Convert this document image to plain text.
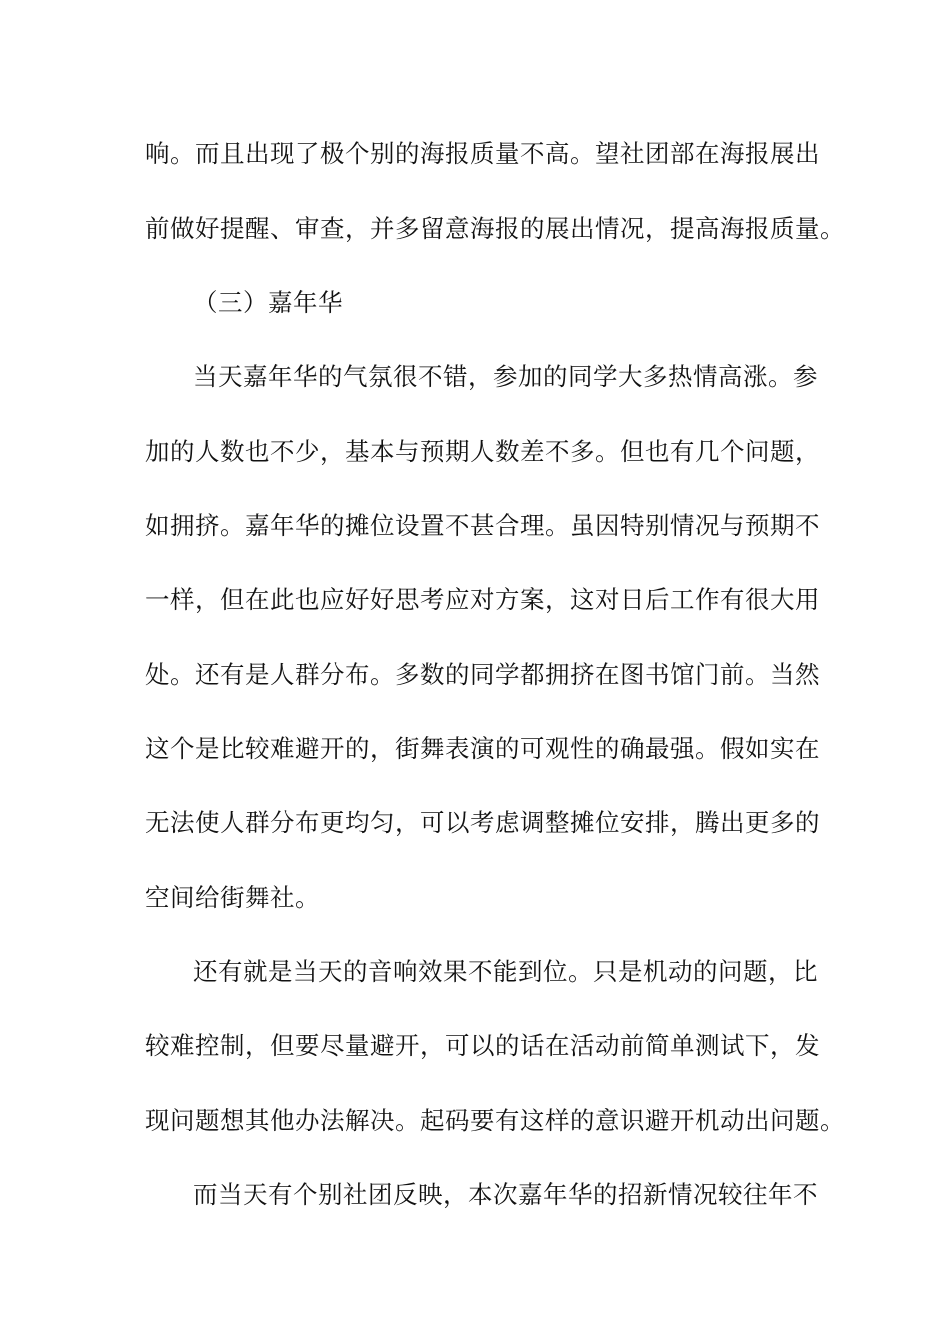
响。而且出现了极个别的海报质量不高。望社团部在海报展出
前做好提醒、审查，并多留意海报的展出情况，提高海报质量。
（三）嘉年华
当天嘉年华的气氛很不错，参加的同学大多热情高涨。参
加的人数也不少，基本与预期人数差不多。但也有几个问题，
如拥挤。嘉年华的摊位设置不甚合理。虽因特别情况与预期不
一样，但在此也应好好思考应对方案，这对日后工作有很大用
处。还有是人群分布。多数的同学都拥挤在图书馆门前。当然
这个是比较难避开的，街舞表演的可观性的确最强。假如实在
无法使人群分布更均匀，可以考虑调整摊位安排，腾出更多的
空间给街舞社。
还有就是当天的音响效果不能到位。只是机动的问题，比
较难控制，但要尽量避开，可以的话在活动前简单测试下，发
现问题想其他办法解决。起码要有这样的意识避开机动出问题。
而当天有个别社团反映，本次嘉年华的招新情况较往年不
